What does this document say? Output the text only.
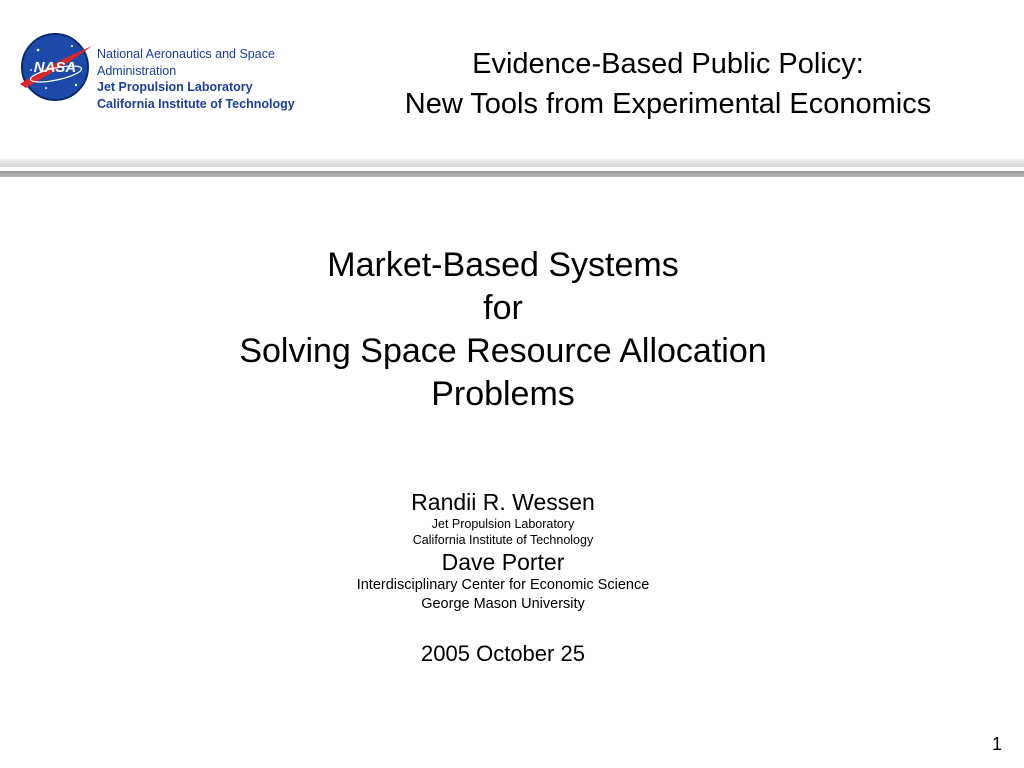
NASA
National Aeronautics and Space
Administration
Jet Propulsion Laboratory
California Institute of Technology
Evidence-Based Public Policy:
New Tools from Experimental Economics
Market-Based Systems
for
Solving Space Resource Allocation
Problems
Randii R. Wessen
Jet Propulsion Laboratory
California Institute of Technology
Dave Porter
Interdisciplinary Center for Economic Science
George Mason University
2005 October 25
1
